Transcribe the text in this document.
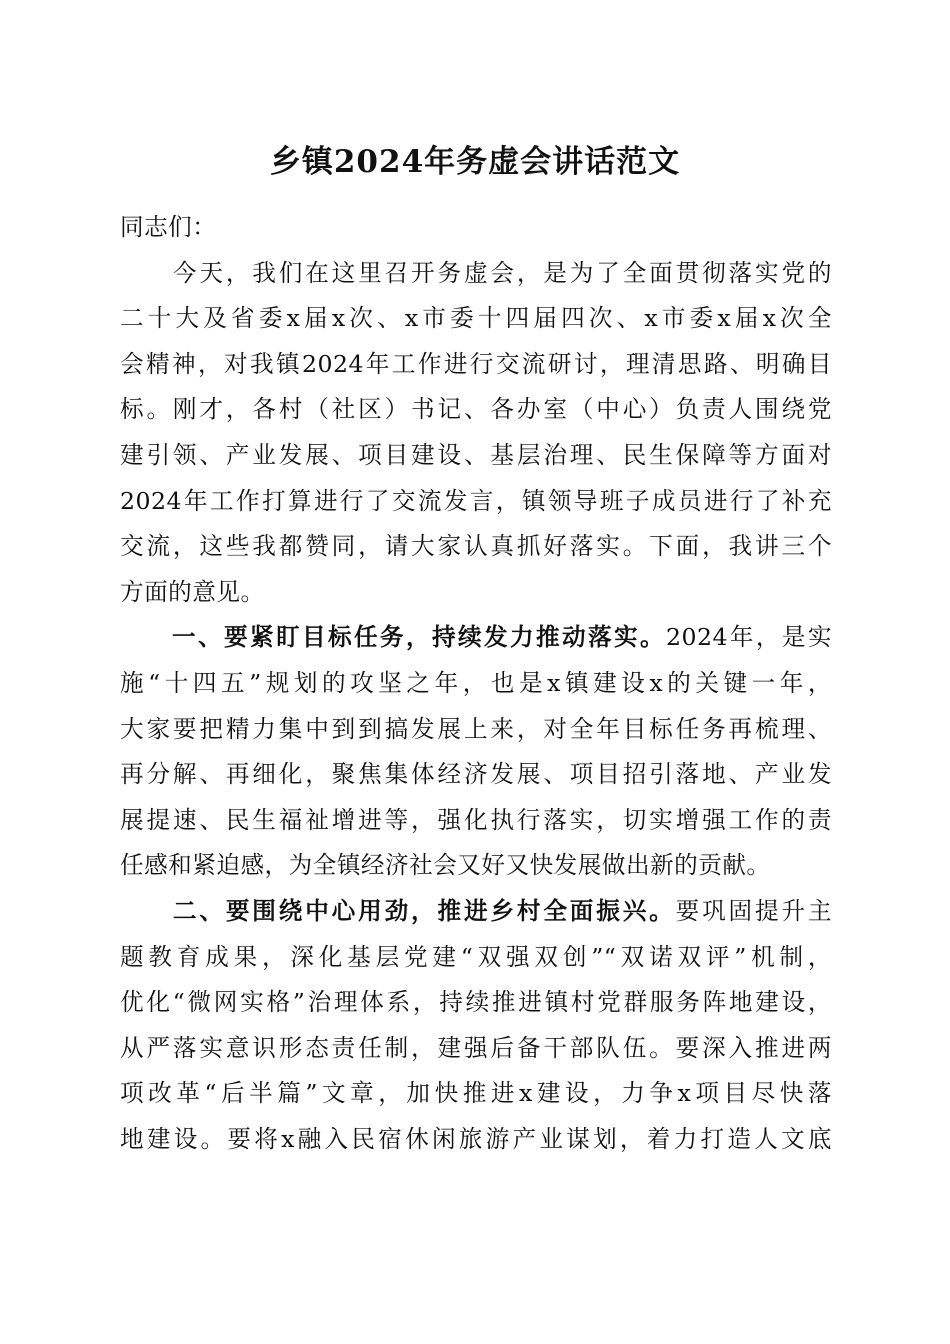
乡镇2024年务虚会讲话范文
同志们：
　　今天，我们在这里召开务虚会，是为了全面贯彻落实党的
二十大及省委x届x次、x市委十四届四次、x市委x届x次全
会精神，对我镇2024年工作进行交流研讨，理清思路、明确目
标。刚才，各村（社区）书记、各办室（中心）负责人围绕党
建引领、产业发展、项目建设、基层治理、民生保障等方面对
2024年工作打算进行了交流发言，镇领导班子成员进行了补充
交流，这些我都赞同，请大家认真抓好落实。下面，我讲三个
方面的意见。
　　一、要紧盯目标任务，持续发力推动落实。2024年，是实
施“十四五”规划的攻坚之年，也是x镇建设x的关键一年，
大家要把精力集中到到搞发展上来，对全年目标任务再梳理、
再分解、再细化，聚焦集体经济发展、项目招引落地、产业发
展提速、民生福祉增进等，强化执行落实，切实增强工作的责
任感和紧迫感，为全镇经济社会又好又快发展做出新的贡献。
　　二、要围绕中心用劲，推进乡村全面振兴。要巩固提升主
题教育成果，深化基层党建“双强双创”“双诺双评”机制，
优化“微网实格”治理体系，持续推进镇村党群服务阵地建设，
从严落实意识形态责任制，建强后备干部队伍。要深入推进两
项改革“后半篇”文章，加快推进x建设，力争x项目尽快落
地建设。要将x融入民宿休闲旅游产业谋划，着力打造人文底
